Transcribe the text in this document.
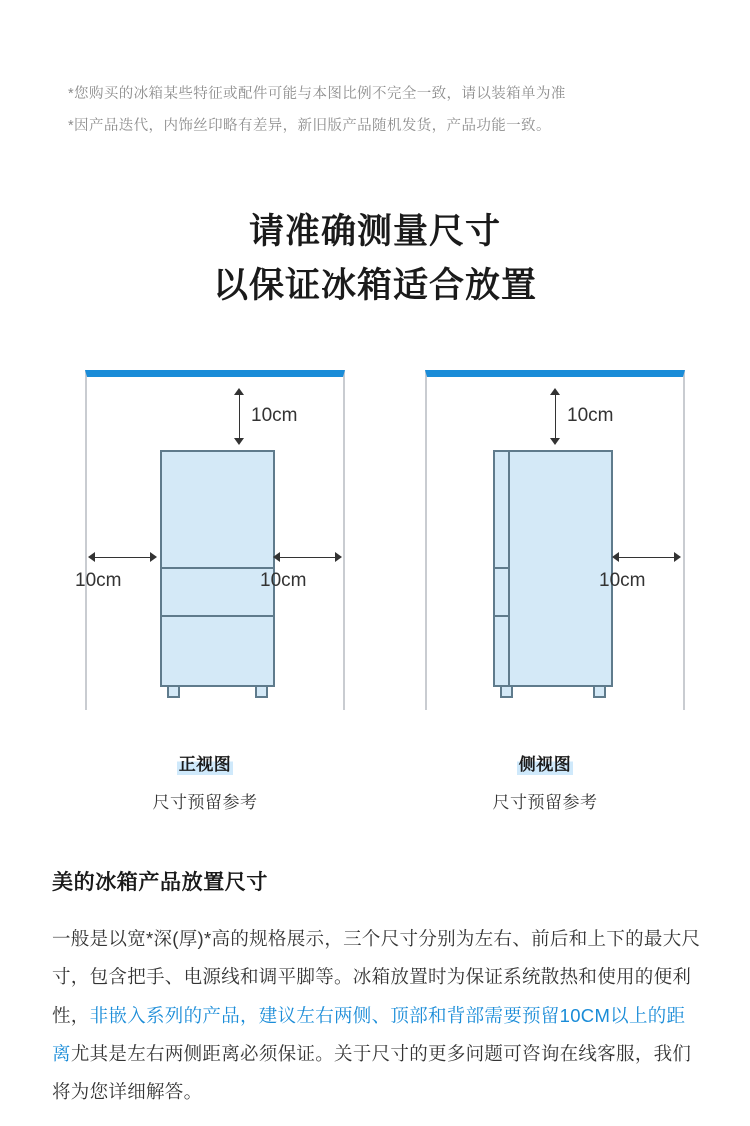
*您购买的冰箱某些特征或配件可能与本图比例不完全一致，请以装箱单为准

*因产品迭代，内饰丝印略有差异，新旧版产品随机发货，产品功能一致。

请准确测量尺寸
以保证冰箱适合放置
10cm
10cm	10cm
正视图
尺寸预留参考
10cm
10cm
侧视图
尺寸预留参考
美的冰箱产品放置尺寸
一般是以宽*深(厚)*高的规格展示，三个尺寸分别为左右、前后和上下的最大尺寸，包含把手、电源线和调平脚等。冰箱放置时为保证系统散热和使用的便利性，非嵌入系列的产品，建议左右两侧、顶部和背部需要预留10CM以上的距离尤其是左右两侧距离必须保证。关于尺寸的更多问题可咨询在线客服，我们将为您详细解答。
